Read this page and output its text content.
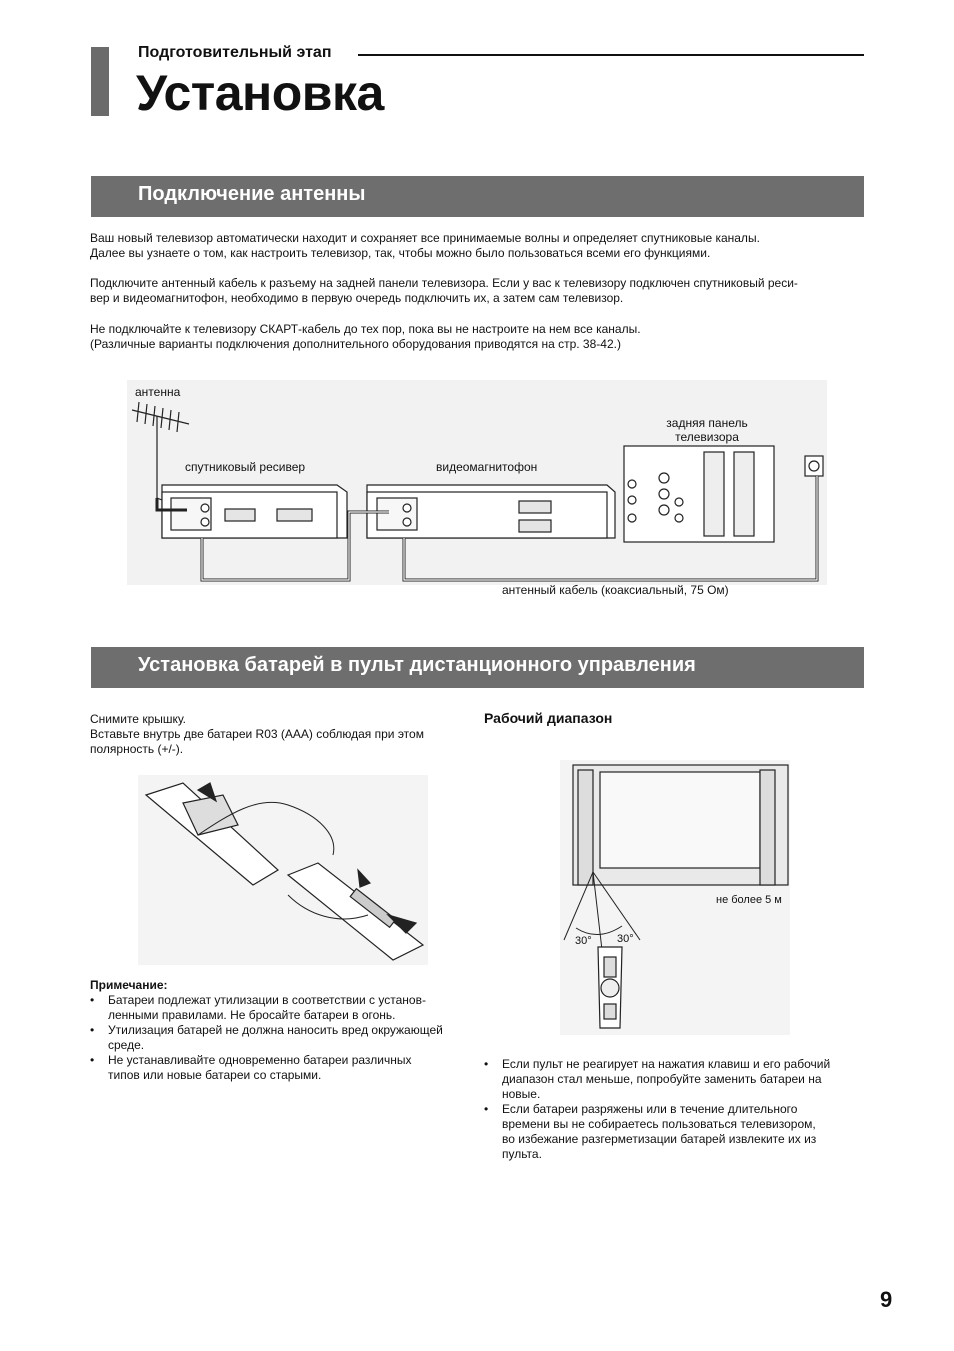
Подготовительный этап
Установка
Подключение антенны
Ваш новый телевизор автоматически находит и сохраняет все принимаемые волны и определяет спутниковые каналы.
Далее вы узнаете о том, как настроить телевизор, так, чтобы можно было пользоваться всеми его функциями.
Подключите антенный кабель к разъему на задней панели телевизора. Если у вас к телевизору подключен спутниковый реси-
вер и видеомагнитофон, необходимо в первую очередь подключить их, а затем сам телевизор.
Не подключайте к телевизору СКАРТ-кабель до тех пор, пока вы не настроите на нем все каналы.
(Различные варианты подключения дополнительного оборудования приводятся на стр. 38-42.)
антенна
спутниковый ресивер	видеомагнитофон
задняя панель
телевизора
антенный кабель (коаксиальный, 75 Ом)
Установка батарей в пульт дистанционного управления
Снимите крышку.
Вставьте внутрь две батареи R03 (AAA) соблюдая при этом
полярность (+/-).
Примечание:
• Батареи подлежат утилизации в соответствии с установ-
ленными правилами. Не бросайте батареи в огонь.
• Утилизация батарей не должна наносить вред окружающей
среде.
• Не устанавливайте одновременно батареи различных
типов или новые батареи со старыми.
Рабочий диапазон
не более 5 м
30° 30°
• Если пульт не реагирует на нажатия клавиш и его рабочий
диапазон стал меньше, попробуйте заменить батареи на
новые.
• Если батареи разряжены или в течение длительного
времени вы не собираетесь пользоваться телевизором,
во избежание разгерметизации батарей извлеките их из
пульта.
9
